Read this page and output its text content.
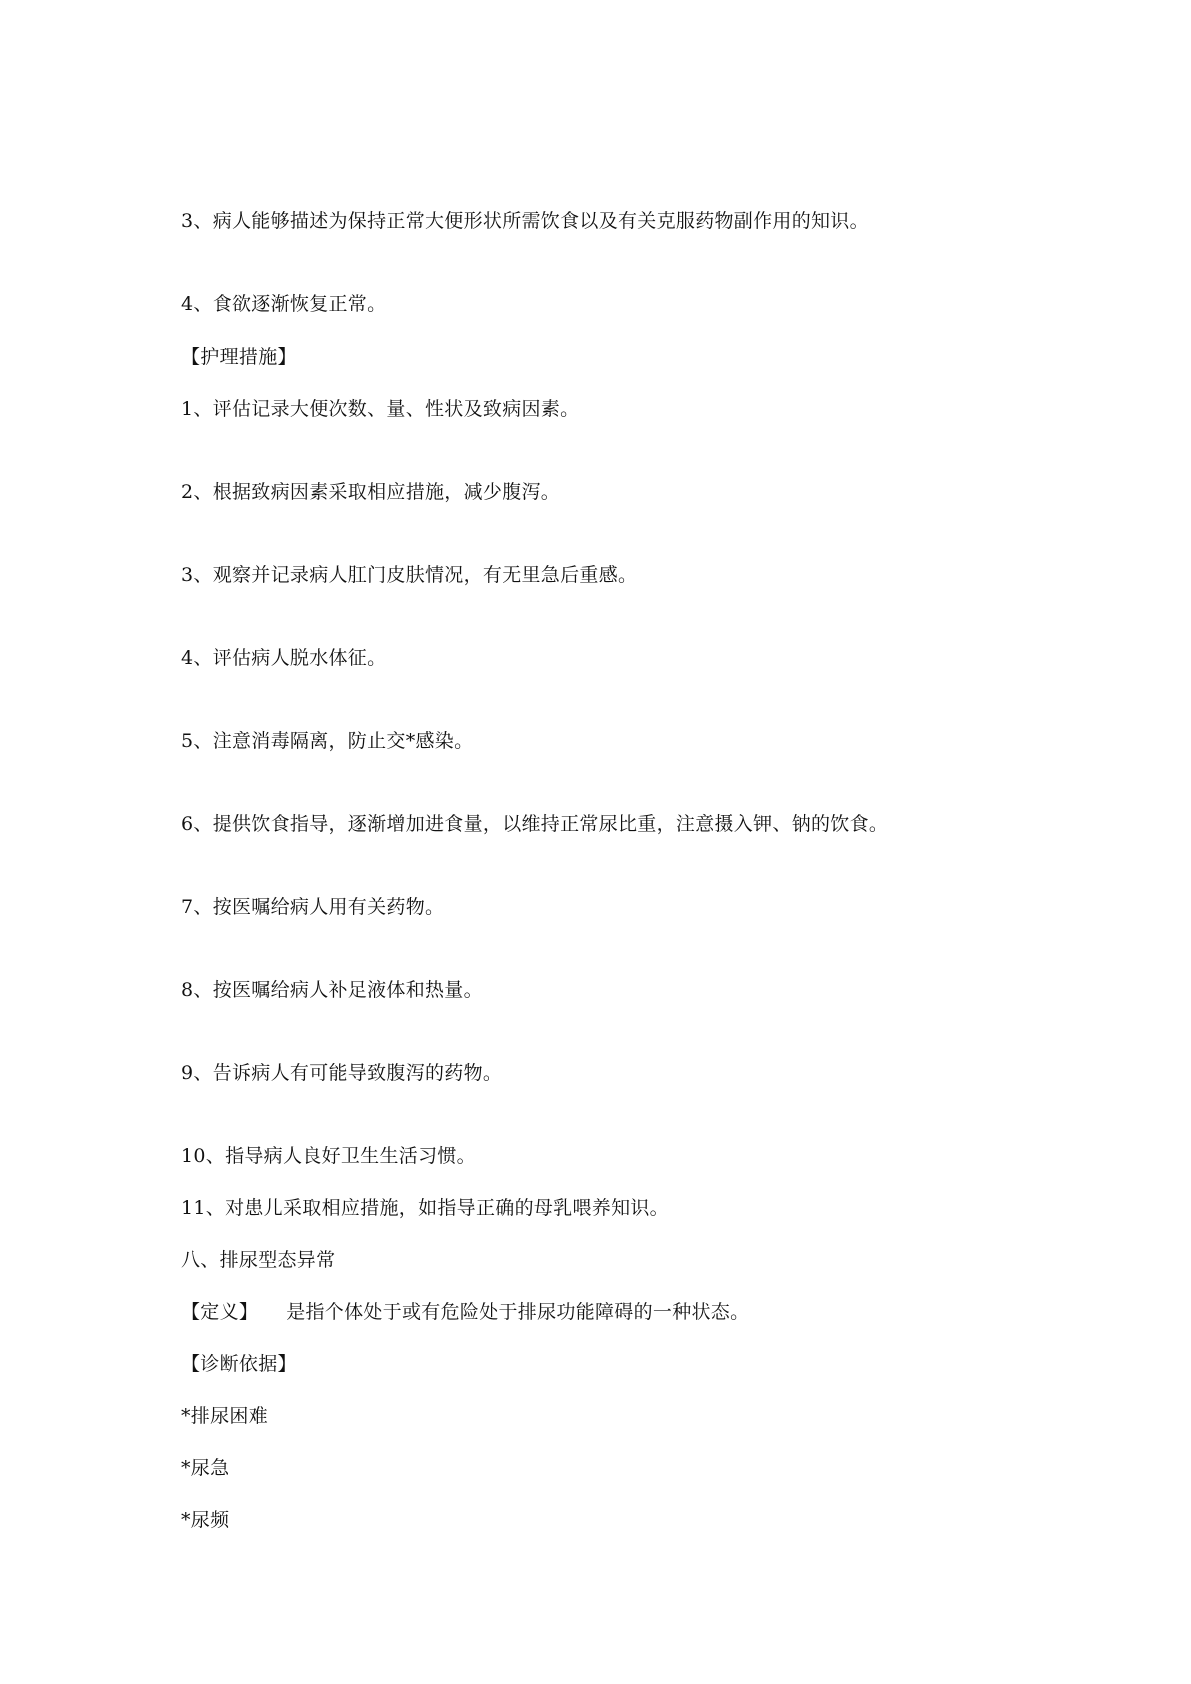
3、病人能够描述为保持正常大便形状所需饮食以及有关克服药物副作用的知识。

4、食欲逐渐恢复正常。

【护理措施】

1、评估记录大便次数、量、性状及致病因素。

2、根据致病因素采取相应措施，减少腹泻。

3、观察并记录病人肛门皮肤情况，有无里急后重感。

4、评估病人脱水体征。

5、注意消毒隔离，防止交*感染。

6、提供饮食指导，逐渐增加进食量，以维持正常尿比重，注意摄入钾、钠的饮食。

7、按医嘱给病人用有关药物。

8、按医嘱给病人补足液体和热量。

9、告诉病人有可能导致腹泻的药物。

10、指导病人良好卫生生活习惯。

11、对患儿采取相应措施，如指导正确的母乳喂养知识。

八、排尿型态异常

【定义】 是指个体处于或有危险处于排尿功能障碍的一种状态。

【诊断依据】

*排尿困难

*尿急

*尿频
